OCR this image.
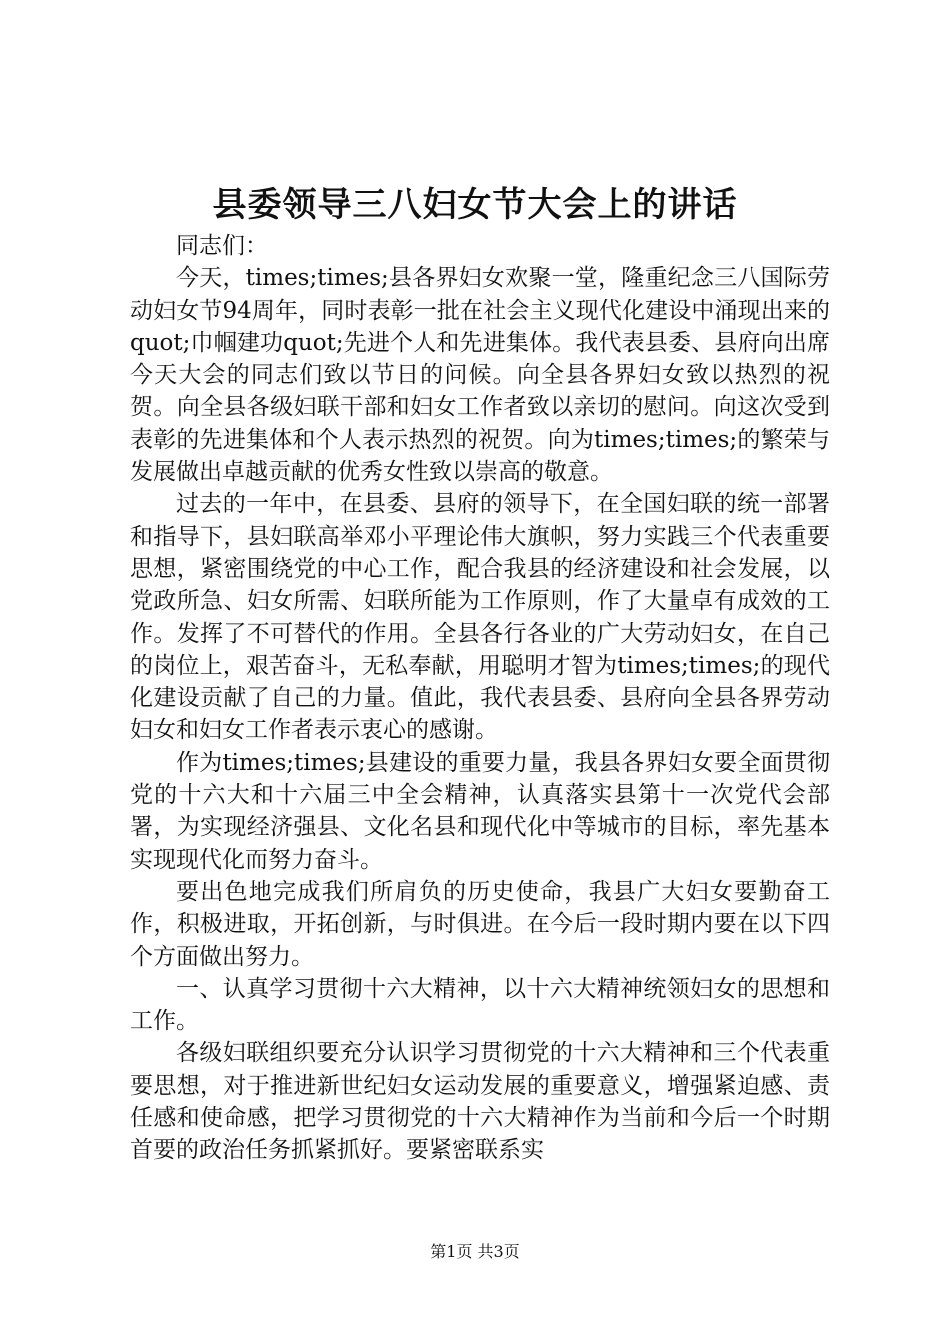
县委领导三八妇女节大会上的讲话

同志们：

今天，times;times;县各界妇女欢聚一堂，隆重纪念三八国际劳动妇女节94周年，同时表彰一批在社会主义现代化建设中涌现出来的quot;巾帼建功quot;先进个人和先进集体。我代表县委、县府向出席今天大会的同志们致以节日的问候。向全县各界妇女致以热烈的祝贺。向全县各级妇联干部和妇女工作者致以亲切的慰问。向这次受到表彰的先进集体和个人表示热烈的祝贺。向为times;times;的繁荣与发展做出卓越贡献的优秀女性致以崇高的敬意。

过去的一年中，在县委、县府的领导下，在全国妇联的统一部署和指导下，县妇联高举邓小平理论伟大旗帜，努力实践三个代表重要思想，紧密围绕党的中心工作，配合我县的经济建设和社会发展，以党政所急、妇女所需、妇联所能为工作原则，作了大量卓有成效的工作。发挥了不可替代的作用。全县各行各业的广大劳动妇女，在自己的岗位上，艰苦奋斗，无私奉献，用聪明才智为times;times;的现代化建设贡献了自己的力量。值此，我代表县委、县府向全县各界劳动妇女和妇女工作者表示衷心的感谢。

作为times;times;县建设的重要力量，我县各界妇女要全面贯彻党的十六大和十六届三中全会精神，认真落实县第十一次党代会部署，为实现经济强县、文化名县和现代化中等城市的目标，率先基本实现现代化而努力奋斗。

要出色地完成我们所肩负的历史使命，我县广大妇女要勤奋工作，积极进取，开拓创新，与时俱进。在今后一段时期内要在以下四个方面做出努力。

一、认真学习贯彻十六大精神，以十六大精神统领妇女的思想和工作。

各级妇联组织要充分认识学习贯彻党的十六大精神和三个代表重要思想，对于推进新世纪妇女运动发展的重要意义，增强紧迫感、责任感和使命感，把学习贯彻党的十六大精神作为当前和今后一个时期首要的政治任务抓紧抓好。要紧密联系实

第1页 共3页
